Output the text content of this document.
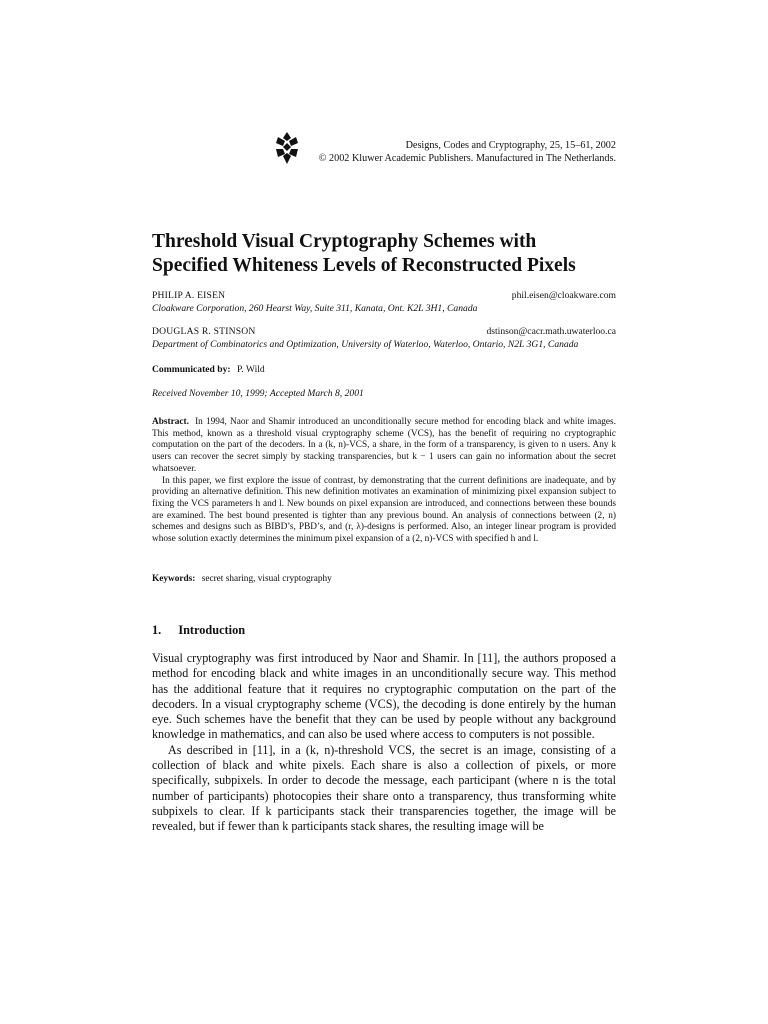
Designs, Codes and Cryptography, 25, 15–61, 2002
© 2002 Kluwer Academic Publishers. Manufactured in The Netherlands.
Threshold Visual Cryptography Schemes with
Specified Whiteness Levels of Reconstructed Pixels
PHILIP A. EISEN	phil.eisen@cloakware.com
Cloakware Corporation, 260 Hearst Way, Suite 311, Kanata, Ont. K2L 3H1, Canada
DOUGLAS R. STINSON	dstinson@cacr.math.uwaterloo.ca
Department of Combinatorics and Optimization, University of Waterloo, Waterloo, Ontario, N2L 3G1, Canada
Communicated by: P. Wild
Received November 10, 1999; Accepted March 8, 2001

Abstract. In 1994, Naor and Shamir introduced an unconditionally secure method for encoding black and white images. This method, known as a threshold visual cryptography scheme (VCS), has the benefit of requiring no cryptographic computation on the part of the decoders. In a (k, n)-VCS, a share, in the form of a transparency, is given to n users. Any k users can recover the secret simply by stacking transparencies, but k − 1 users can gain no information about the secret whatsoever.

In this paper, we first explore the issue of contrast, by demonstrating that the current definitions are inadequate, and by providing an alternative definition. This new definition motivates an examination of minimizing pixel expansion subject to fixing the VCS parameters h and l. New bounds on pixel expansion are introduced, and connections between these bounds are examined. The best bound presented is tighter than any previous bound. An analysis of connections between (2, n) schemes and designs such as BIBD’s, PBD’s, and (r, λ)-designs is performed. Also, an integer linear program is provided whose solution exactly determines the minimum pixel expansion of a (2, n)-VCS with specified h and l.

Keywords: secret sharing, visual cryptography
1. Introduction

Visual cryptography was first introduced by Naor and Shamir. In [11], the authors proposed a method for encoding black and white images in an unconditionally secure way. This method has the additional feature that it requires no cryptographic computation on the part of the decoders. In a visual cryptography scheme (VCS), the decoding is done entirely by the human eye. Such schemes have the benefit that they can be used by people without any background knowledge in mathematics, and can also be used where access to computers is not possible.

As described in [11], in a (k, n)-threshold VCS, the secret is an image, consisting of a collection of black and white pixels. Each share is also a collection of pixels, or more specifically, subpixels. In order to decode the message, each participant (where n is the total number of participants) photocopies their share onto a transparency, thus transforming white subpixels to clear. If k participants stack their transparencies together, the image will be revealed, but if fewer than k participants stack shares, the resulting image will be
